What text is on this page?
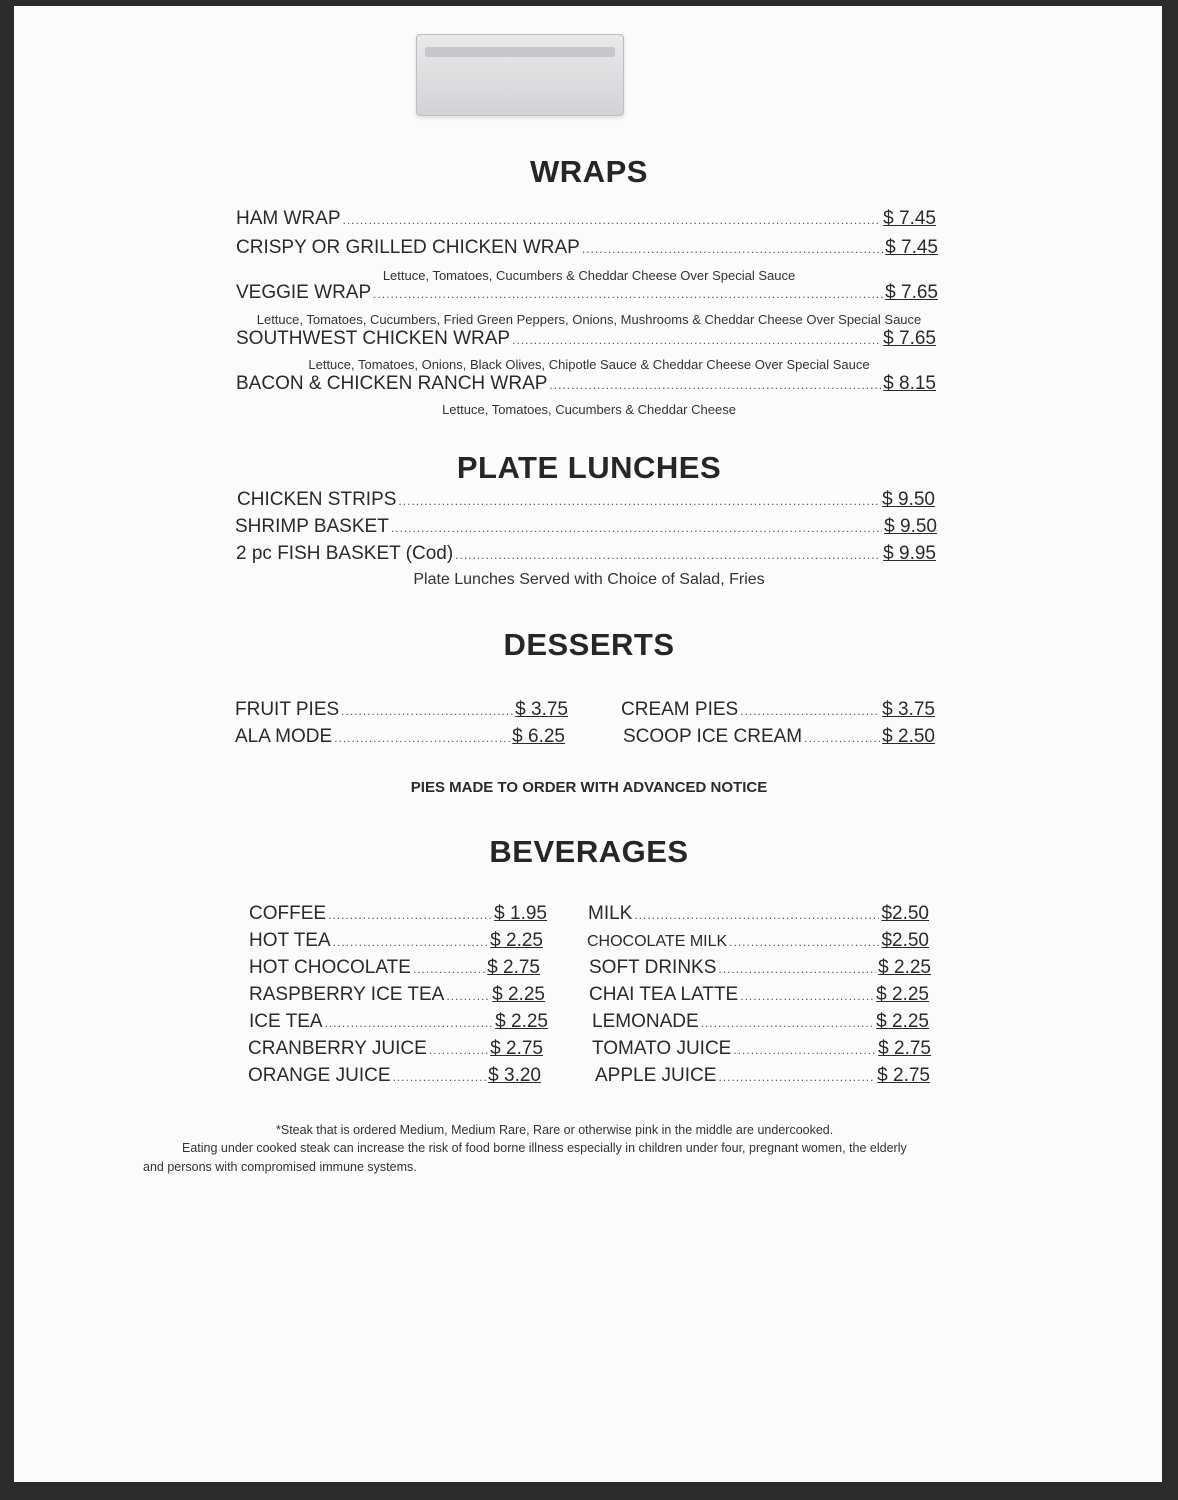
WRAPS
HAM WRAP .....	$ 7.45
CRISPY OR GRILLED CHICKEN WRAP .....	$ 7.45
Lettuce, Tomatoes, Cucumbers & Cheddar Cheese Over Special Sauce
VEGGIE WRAP .....	$ 7.65
Lettuce, Tomatoes, Cucumbers, Fried Green Peppers, Onions, Mushrooms & Cheddar Cheese Over Special Sauce
SOUTHWEST CHICKEN WRAP .....	$ 7.65
Lettuce, Tomatoes, Onions, Black Olives, Chipotle Sauce & Cheddar Cheese Over Special Sauce
BACON & CHICKEN RANCH WRAP .....	$ 8.15
Lettuce, Tomatoes, Cucumbers & Cheddar Cheese
PLATE LUNCHES
CHICKEN STRIPS .....	$ 9.50
SHRIMP BASKET .....	$ 9.50
2 pc FISH BASKET (Cod) .....	$ 9.95
Plate Lunches Served with Choice of Salad, Fries
DESSERTS
FRUIT PIES .....	$ 3.75
ALA MODE .....	$ 6.25
CREAM PIES .....	$ 3.75
SCOOP ICE CREAM .....	$ 2.50
PIES MADE TO ORDER WITH ADVANCED NOTICE
BEVERAGES
COFFEE .....	$ 1.95
HOT TEA .....	$ 2.25
HOT CHOCOLATE .....	$ 2.75
RASPBERRY ICE TEA .....	$ 2.25
ICE TEA .....	$ 2.25
CRANBERRY JUICE .....	$ 2.75
ORANGE JUICE .....	$ 3.20
MILK .....	$2.50
CHOCOLATE MILK .....	$2.50
SOFT DRINKS .....	$ 2.25
CHAI TEA LATTE .....	$ 2.25
LEMONADE .....	$ 2.25
TOMATO JUICE .....	$ 2.75
APPLE JUICE .....	$ 2.75
*Steak that is ordered Medium, Medium Rare, Rare or otherwise pink in the middle are undercooked.
Eating under cooked steak can increase the risk of food borne illness especially in children under four, pregnant women, the elderly
and persons with compromised immune systems.
